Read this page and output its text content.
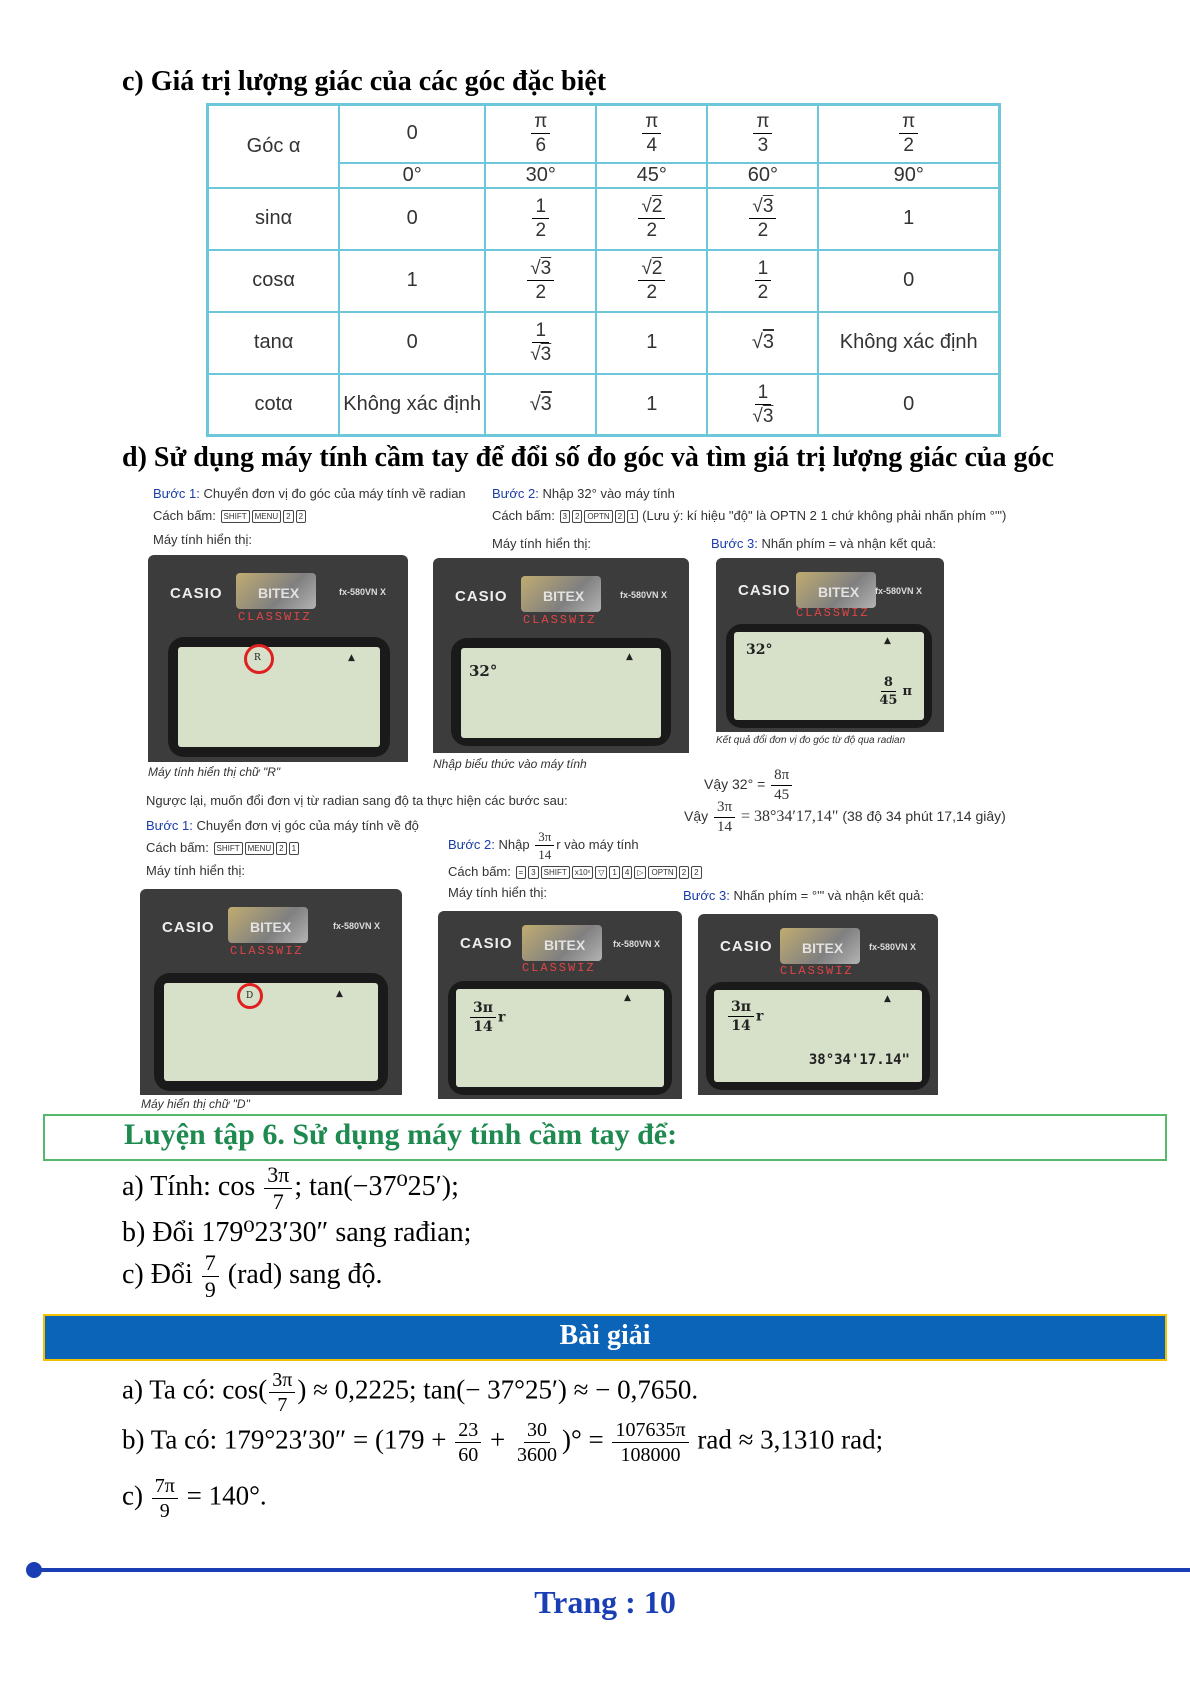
c) Giá trị lượng giác của các góc đặc biệt
Góc α	0	$\frac{\pi}{6}$	$\frac{\pi}{4}$	$\frac{\pi}{3}$	$\frac{\pi}{2}$

	0°	30°	45°	60°	90°
sinα	0	$\frac{1}{2}$	$\frac{√2}{2}$	$\frac{√3}{2}$	1
cosα	1	$\frac{√3}{2}$	$\frac{√2}{2}$	$\frac{1}{2}$	0
tanα	0	$\frac{1}{√3}$	1	√3	Không xác định
cotα	Không xác định	√3	1	$\frac{1}{√3}$	0
d) Sử dụng máy tính cầm tay để đổi số đo góc và tìm giá trị lượng giác của góc
Bước 1: Chuyển đơn vị đo góc của máy tính về radian
Cách bấm: SHIFT MENU 2 2
Máy tính hiển thị:
Bước 2: Nhập 32° vào máy tính
Cách bấm: 3 2 OPTN 2 1 (Lưu ý: kí hiệu "độ" là OPTN 2 1 chứ không phải nhấn phím °'")
Máy tính hiển thị:	Bước 3: Nhấn phím = và nhận kết quả:
CASIO	BITEX	fx-580VN X
CLASSWIZ
R	▲
Máy tính hiển thị chữ "R"
CASIO	BITEX	fx-580VN X
CLASSWIZ
32°
▲
Nhập biểu thức vào máy tính
CASIO BITEX fx-580VN X
CLASSWIZ
32°
▲
$\frac{8}{45}$ π
Kết quả đổi đơn vị đo góc từ độ qua radian
Vậy $32^\circ = \frac{8\pi}{45}$
Ngược lại, muốn đổi đơn vị từ radian sang độ ta thực hiện các bước sau:
Vậy $\frac{3\pi}{14} = 38^\circ 34'17,14$" (38 độ 34 phút 17,14 giây)
Bước 1: Chuyển đơn vị góc của máy tính về độ
Cách bấm: SHIFT MENU 2 1
Máy tính hiển thị:
Bước 2: Nhập $\frac{3\pi}{14}$ r vào máy tính
Cách bấm: = 3 SHIFT x10ˣ ▽ 1 4 ▷ OPTN 2 2
Máy tính hiển thị:	Bước 3: Nhấn phím = °'" và nhận kết quả:
CASIO	BITEX	fx-580VN X
CLASSWIZ
D	▲
Máy hiển thị chữ "D"
CASIO BITEX	fx-580VN X
CLASSWIZ
$\frac{3\pi}{14}$ r
▲
CASIO BITEX	fx-580VN X
CLASSWIZ
$\frac{3\pi}{14}$ r
▲
38°34'17.14"
Luyện tập 6. Sử dụng máy tính cầm tay để:
a) Tính: $\cos \frac{3\pi}{7}$ ; tan(−37⁰25′);
b) Đổi 179⁰23′30″ sang rađian;
c) Đổi $\frac{7}{9} (rad)$ sang độ.
Bài giải
a) Ta có: $\cos( \frac{3\pi}{7}$ ) ≈ 0,2225; tan(− 37°25′) ≈ − 0,7650.
b) Ta có: $179^\circ 23'30'' = (179 + \frac{23}{60} + \frac{30}{3600}$ )° = $\frac{107635\pi}{108000}$ rad ≈ 3,1310 rad;
$c) \frac{7\pi}{9} = 140^\circ$.
Trang : 10
